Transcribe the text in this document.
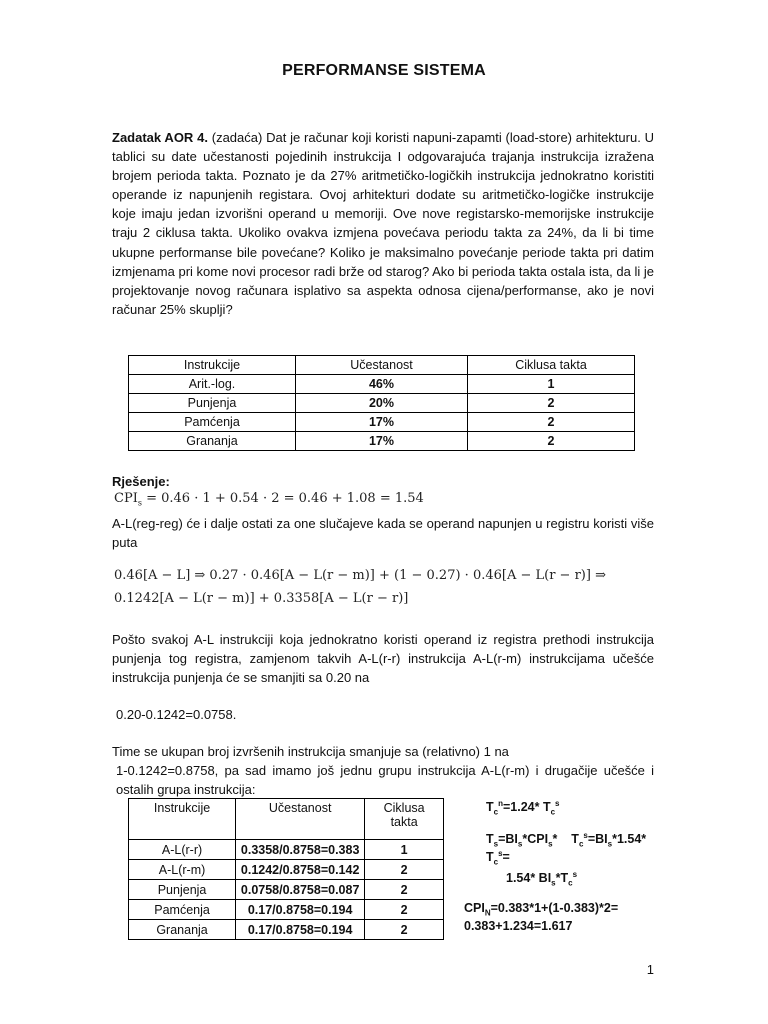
PERFORMANSE SISTEMA
Zadatak AOR 4. (zadaća) Dat je računar koji koristi napuni-zapamti (load-store) arhitekturu. U tablici su date učestanosti pojedinih instrukcija I odgovarajuća trajanja instrukcija izražena brojem perioda takta. Poznato je da 27% aritmetičko-logičkih instrukcija jednokratno koristiti operande iz napunjenih registara. Ovoj arhitekturi dodate su aritmetičko-logičke instrukcije koje imaju jedan izvorišni operand u memoriji. Ove nove registarsko-memorijske instrukcije traju 2 ciklusa takta. Ukoliko ovakva izmjena povećava periodu takta za 24%, da li bi time ukupne performanse bile povećane? Koliko je maksimalno povećanje periode takta pri datim izmjenama pri kome novi procesor radi brže od starog? Ako bi perioda takta ostala ista, da li je projektovanje novog računara isplativo sa aspekta odnosa cijena/performanse, ako je novi računar 25% skuplji?
Instrukcije	Učestanost	Ciklusa takta
Arit.-log.	46%	1
Punjenja	20%	2
Pamćenja	17%	2
Grananja	17%	2
Rješenje:
$CPI_s = 0.46 \cdot 1 + 0.54 \cdot 2 = 0.46 + 1.08 = 1.54$
A-L(reg-reg) će i dalje ostati za one slučajeve kada se operand napunjen u registru koristi više puta
0.46[A − L] ⇒ 0.27 · 0.46[A − L(r − m)] + (1 − 0.27) · 0.46[A − L(r − r)] ⇒
0.1242[A − L(r − m)] + 0.3358[A − L(r − r)]
Pošto svakoj A-L instrukciji koja jednokratno koristi operand iz registra prethodi instrukcija punjenja tog registra, zamjenom takvih A-L(r-r) instrukcija A-L(r-m) instrukcijama učešće instrukcija punjenja će se smanjiti sa 0.20 na
0.20-0.1242=0.0758.
Time se ukupan broj izvršenih instrukcija smanjuje sa (relativno) 1 na
1-0.1242=0.8758, pa sad imamo još jednu grupu instrukcija A-L(r-m) i drugačije učešće i ostalih grupa instrukcija:
Instrukcije	Učestanost	Ciklusa takta
A-L(r-r)	0.3358/0.8758=0.383	1
A-L(r-m)	0.1242/0.8758=0.142	2
Punjenja	0.0758/0.8758=0.087	2
Pamćenja	0.17/0.8758=0.194	2
Grananja	0.17/0.8758=0.194	2
$T_c^n=1.24*$ $T_c^s$
$T_s=BI_s*CPI_s*$ $T_c^s=BI_s*1.54*$
$T_c^s=$
1.54* $BI_s*T_c^s$
$CPI_N=0.383*1+(1-0.383)*2=$
0.383+1.234=1.617
1
